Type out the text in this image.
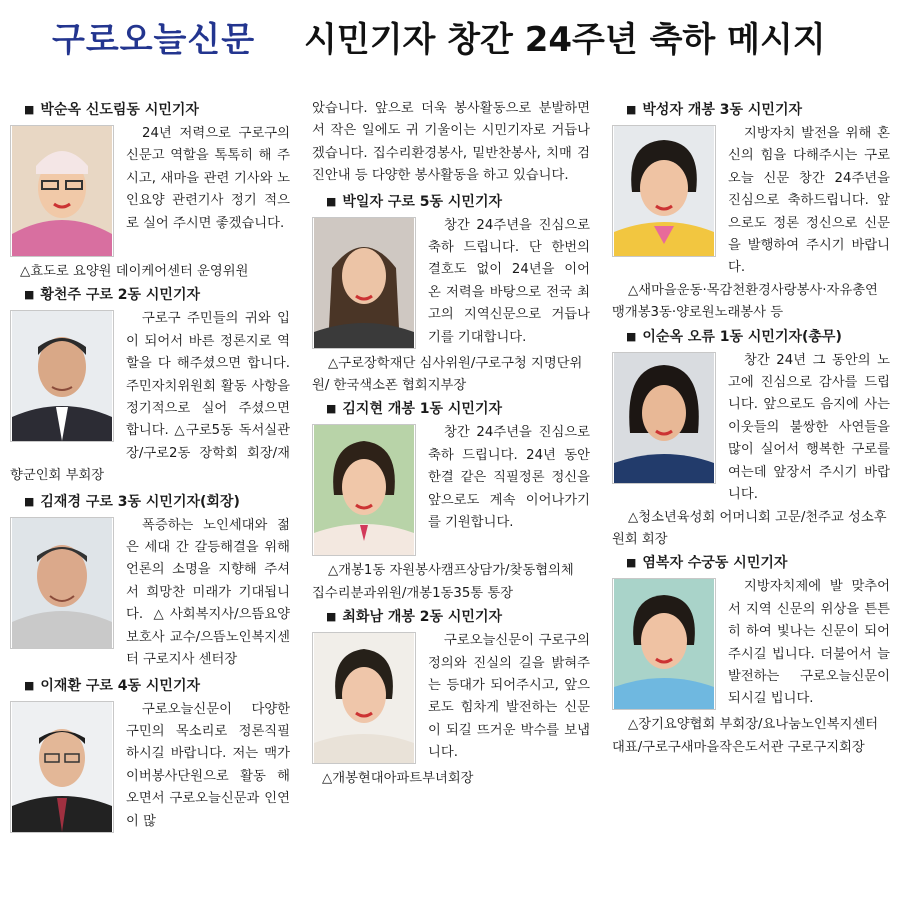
구로오늘신문 시민기자 창간 24주년 축하 메시지
■ 박순옥 신도림동 시민기자
24년 저력으로 구로구의 신문고 역할을 톡톡히 해 주시고, 새마을 관련 기사와 노인요양 관련기사 정기 적으로 실어 주시면 좋겠습니다.
△효도로 요양원 데이케어센터 운영위원
■ 황천주 구로 2동 시민기자
구로구 주민들의 귀와 입이 되어서 바른 정론지로 역할을 다 해주셨으면 합니다. 주민자치위원회 활동 사항을 정기적으로 실어 주셨으면 합니다. △구로5동 독서실관장/구로2동 장학회 회장/재향군인회 부회장
■ 김재경 구로 3동 시민기자(회장)
폭증하는 노인세대와 젊은 세대 간 갈등해결을 위해 언론의 소명을 지향해 주셔서 희망찬 미래가 기대됩니다. △사회복지사/으뜸요양보호사 교수/으뜸노인복지센터 구로지사 센터장
■ 이재환 구로 4동 시민기자
구로오늘신문이 다양한 구민의 목소리로 정론직필 하시길 바랍니다. 저는 맥가이버봉사단원으로 활동 해 오면서 구로오늘신문과 인연이 많
았습니다. 앞으로 더욱 봉사활동으로 분발하면서 작은 일에도 귀 기울이는 시민기자로 거듭나겠습니다. 집수리환경봉사, 밑반찬봉사, 치매 검진안내 등 다양한 봉사활동을 하고 있습니다.
■ 박일자 구로 5동 시민기자
창간 24주년을 진심으로 축하 드립니다. 단 한번의 결호도 없이 24년을 이어 온 저력을 바탕으로 전국 최고의 지역신문으로 거듭나기를 기대합니다.
△구로장학재단 심사위원/구로구청 지명단위원/ 한국색소폰 협회지부장
■ 김지현 개봉 1동 시민기자
창간 24주년을 진심으로 축하 드립니다. 24년 동안 한결 같은 직필정론 정신을 앞으로도 계속 이어나가기를 기원합니다.
△개봉1동 자원봉사캠프상담가/찾동협의체 집수리분과위원/개봉1동35통 통장
■ 최화남 개봉 2동 시민기자
구로오늘신문이 구로구의 정의와 진실의 길을 밝혀주는 등대가 되어주시고, 앞으로도 힘차게 발전하는 신문이 되길 뜨거운 박수를 보냅니다.
△개봉현대아파트부녀회장
■ 박성자 개봉 3동 시민기자
지방자치 발전을 위해 혼신의 힘을 다해주시는 구로오늘 신문 창간 24주년을 진심으로 축하드립니다. 앞으로도 정론 정신으로 신문을 발행하여 주시기 바랍니다.
△새마을운동·목감천환경사랑봉사·자유총연맹개봉3동·양로원노래봉사 등
■ 이순옥 오류 1동 시민기자(총무)
창간 24년 그 동안의 노고에 진심으로 감사를 드립니다. 앞으로도 음지에 사는 이웃들의 불쌍한 사연들을 많이 실어서 행복한 구로를 여는데 앞장서 주시기 바랍니다.
△청소년육성회 어머니회 고문/천주교 성소후원회 회장
■ 염복자 수궁동 시민기자
지방자치제에 발 맞추어서 지역 신문의 위상을 튼튼히 하여 빛나는 신문이 되어 주시길 빕니다. 더불어서 늘 발전하는 구로오늘신문이 되시길 빕니다.
△장기요양협회 부회장/요나눔노인복지센터대표/구로구새마을작은도서관 구로구지회장
